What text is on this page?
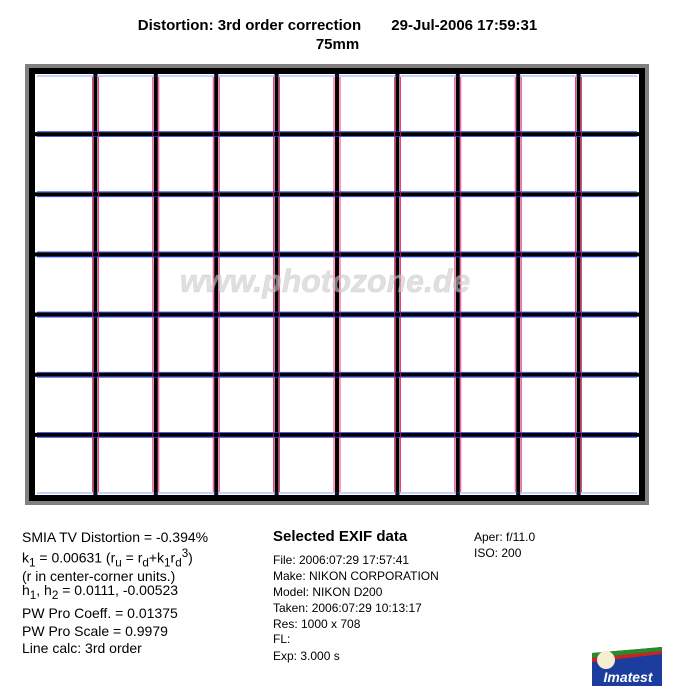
Distortion: 3rd order correction 29-Jul-2006 17:59:31
75mm
www.photozone.de
SMIA TV Distortion = -0.394%
$k_1 = 0.00631$ $(r_u = r_d+k_1r_d^3)$
(r in center-corner units.)
$h_1$, $h_2 = 0.0111$, -0.00523
PW Pro Coeff. = 0.01375
PW Pro Scale = 0.9979
Line calc: 3rd order
Selected EXIF data
File: 2006:07:29 17:57:41
Make: NIKON CORPORATION
Model: NIKON D200
Taken: 2006:07:29 10:13:17
Res: 1000 x 708
FL:
Exp: 3.000 s
Aper: f/11.0
ISO: 200
Imatest
